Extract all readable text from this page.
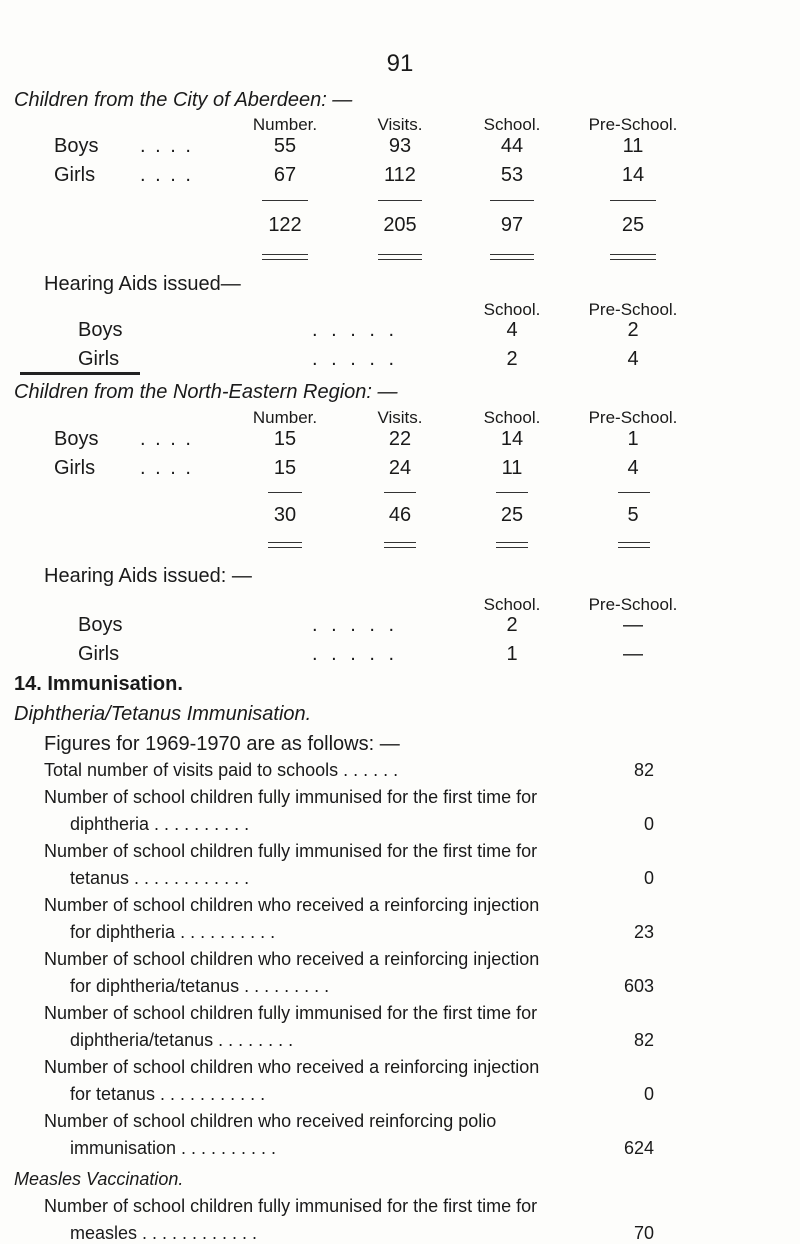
91
Children from the City of Aberdeen: —
Number.	Visits.	School.	Pre-School.
Boys . . . .	55	93	44	11
Girls . . . .	67	112	53	14
122	205	97	25
Hearing Aids issued—
School.	Pre-School.
Boys	. . . . .	4	2
Girls	. . . . .	2	4
Children from the North-Eastern Region: —
Number.	Visits.	School.	Pre-School.
Boys . . . .	15	22	14	1
Girls . . . .	15	24	11	4
30	46	25	5
Hearing Aids issued: —
School.	Pre-School.
Boys	. . . . .	2	—
Girls	. . . . .	1	—
14. Immunisation.
Diphtheria/Tetanus Immunisation.
Figures for 1969-1970 are as follows: —
Total number of visits paid to schools . . . . . .	82
Number of school children fully immunised for the first time for
diphtheria . . . . . . . . . .	0
Number of school children fully immunised for the first time for
tetanus . . . . . . . . . . . .	0
Number of school children who received a reinforcing injection
for diphtheria . . . . . . . . . .	23
Number of school children who received a reinforcing injection
for diphtheria/tetanus . . . . . . . . .	603
Number of school children fully immunised for the first time for
diphtheria/tetanus . . . . . . . .	82
Number of school children who received a reinforcing injection
for tetanus . . . . . . . . . . .	0
Number of school children who received reinforcing polio
immunisation . . . . . . . . . .	624
Measles Vaccination.
Number of school children fully immunised for the first time for
measles . . . . . . . . . . . .	70
